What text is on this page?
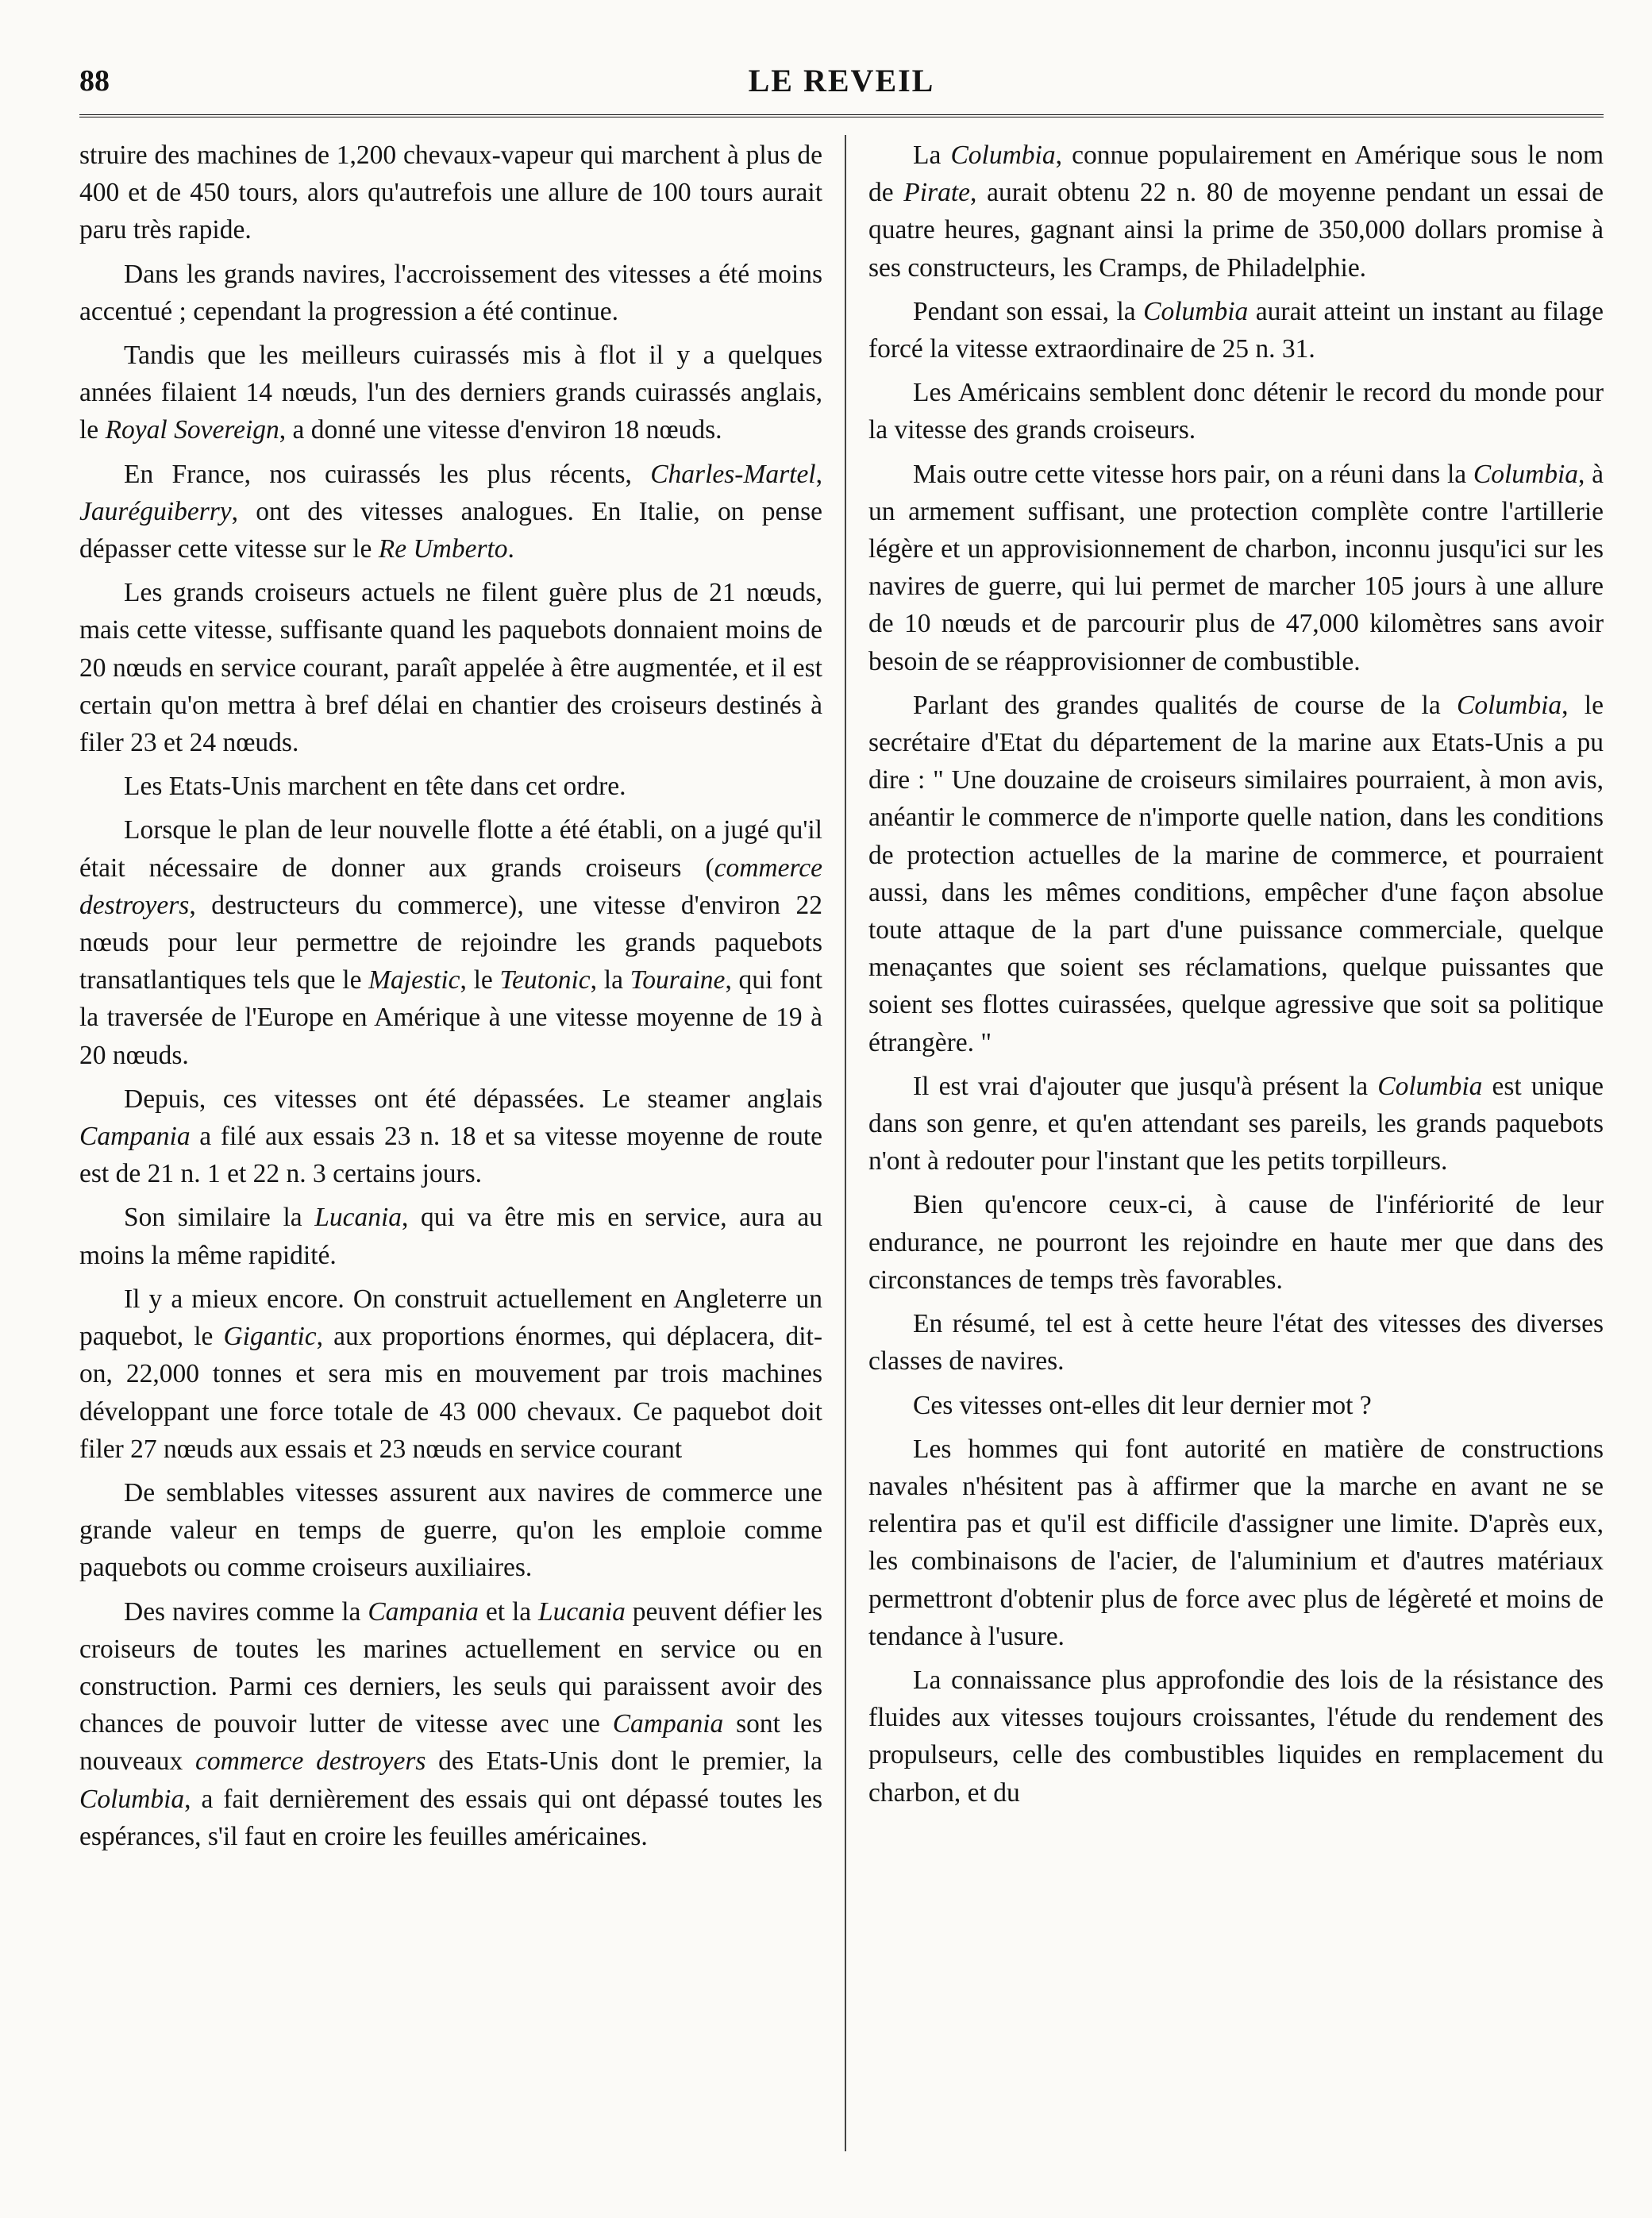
88	LE REVEIL

struire des machines de 1,200 chevaux-vapeur qui marchent à plus de 400 et de 450 tours, alors qu'autrefois une allure de 100 tours aurait paru très rapide.

Dans les grands navires, l'accroissement des vitesses a été moins accentué ; cependant la progression a été continue.

Tandis que les meilleurs cuirassés mis à flot il y a quelques années filaient 14 nœuds, l'un des derniers grands cuirassés anglais, le Royal Sovereign, a donné une vitesse d'environ 18 nœuds.

En France, nos cuirassés les plus récents, Charles-Martel, Jauréguiberry, ont des vitesses analogues. En Italie, on pense dépasser cette vitesse sur le Re Umberto.

Les grands croiseurs actuels ne filent guère plus de 21 nœuds, mais cette vitesse, suffisante quand les paquebots donnaient moins de 20 nœuds en service courant, paraît appelée à être augmentée, et il est certain qu'on mettra à bref délai en chantier des croiseurs destinés à filer 23 et 24 nœuds.

Les Etats-Unis marchent en tête dans cet ordre.

Lorsque le plan de leur nouvelle flotte a été établi, on a jugé qu'il était nécessaire de donner aux grands croiseurs (commerce destroyers, destructeurs du commerce), une vitesse d'environ 22 nœuds pour leur permettre de rejoindre les grands paquebots transatlantiques tels que le Majestic, le Teutonic, la Touraine, qui font la traversée de l'Europe en Amérique à une vitesse moyenne de 19 à 20 nœuds.

Depuis, ces vitesses ont été dépassées. Le steamer anglais Campania a filé aux essais 23 n. 18 et sa vitesse moyenne de route est de 21 n. 1 et 22 n. 3 certains jours.

Son similaire la Lucania, qui va être mis en service, aura au moins la même rapidité.

Il y a mieux encore. On construit actuellement en Angleterre un paquebot, le Gigantic, aux proportions énormes, qui déplacera, dit-on, 22,000 tonnes et sera mis en mouvement par trois machines développant une force totale de 43 000 chevaux. Ce paquebot doit filer 27 nœuds aux essais et 23 nœuds en service courant

De semblables vitesses assurent aux navires de commerce une grande valeur en temps de guerre, qu'on les emploie comme paquebots ou comme croiseurs auxiliaires.

Des navires comme la Campania et la Lucania peuvent défier les croiseurs de toutes les marines actuellement en service ou en construction. Parmi ces derniers, les seuls qui paraissent avoir des chances de pouvoir lutter de vitesse avec une Campania sont les nouveaux commerce destroyers des Etats-Unis dont le premier, la Columbia, a fait dernièrement des essais qui ont dépassé toutes les espérances, s'il faut en croire les feuilles américaines.

La Columbia, connue populairement en Amérique sous le nom de Pirate, aurait obtenu 22 n. 80 de moyenne pendant un essai de quatre heures, gagnant ainsi la prime de 350,000 dollars promise à ses constructeurs, les Cramps, de Philadelphie.

Pendant son essai, la Columbia aurait atteint un instant au filage forcé la vitesse extraordinaire de 25 n. 31.

Les Américains semblent donc détenir le record du monde pour la vitesse des grands croiseurs.

Mais outre cette vitesse hors pair, on a réuni dans la Columbia, à un armement suffisant, une protection complète contre l'artillerie légère et un approvisionnement de charbon, inconnu jusqu'ici sur les navires de guerre, qui lui permet de marcher 105 jours à une allure de 10 nœuds et de parcourir plus de 47,000 kilomètres sans avoir besoin de se réapprovisionner de combustible.

Parlant des grandes qualités de course de la Columbia, le secrétaire d'Etat du département de la marine aux Etats-Unis a pu dire : " Une douzaine de croiseurs similaires pourraient, à mon avis, anéantir le commerce de n'importe quelle nation, dans les conditions de protection actuelles de la marine de commerce, et pourraient aussi, dans les mêmes conditions, empêcher d'une façon absolue toute attaque de la part d'une puissance commerciale, quelque menaçantes que soient ses réclamations, quelque puissantes que soient ses flottes cuirassées, quelque agressive que soit sa politique étrangère. "

Il est vrai d'ajouter que jusqu'à présent la Columbia est unique dans son genre, et qu'en attendant ses pareils, les grands paquebots n'ont à redouter pour l'instant que les petits torpilleurs.

Bien qu'encore ceux-ci, à cause de l'infériorité de leur endurance, ne pourront les rejoindre en haute mer que dans des circonstances de temps très favorables.

En résumé, tel est à cette heure l'état des vitesses des diverses classes de navires.

Ces vitesses ont-elles dit leur dernier mot ?

Les hommes qui font autorité en matière de constructions navales n'hésitent pas à affirmer que la marche en avant ne se relentira pas et qu'il est difficile d'assigner une limite. D'après eux, les combinaisons de l'acier, de l'aluminium et d'autres matériaux permettront d'obtenir plus de force avec plus de légèreté et moins de tendance à l'usure.

La connaissance plus approfondie des lois de la résistance des fluides aux vitesses toujours croissantes, l'étude du rendement des propulseurs, celle des combustibles liquides en remplacement du charbon, et du
